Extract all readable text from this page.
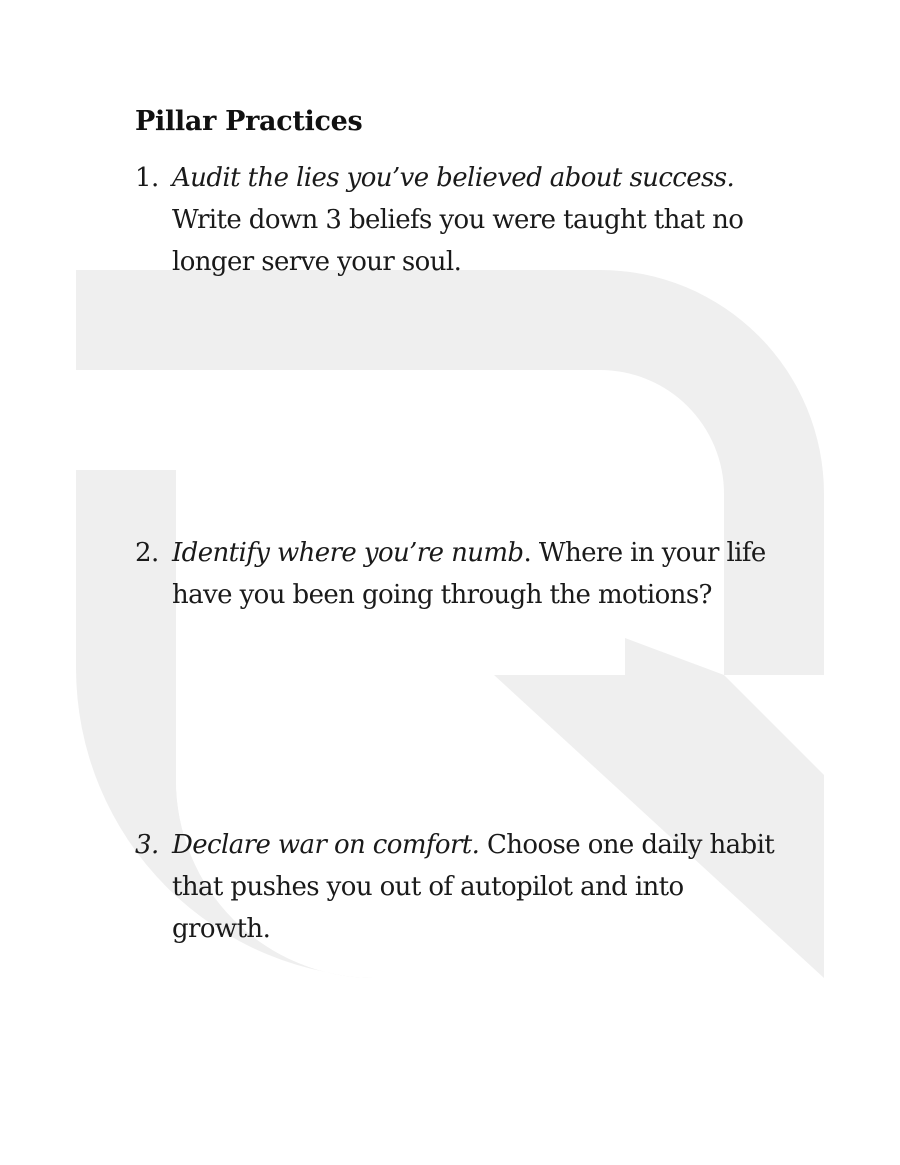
Pillar Practices
1. Audit the lies you’ve believed about success. Write down 3 beliefs you were taught that no longer serve your soul.
2. Identify where you’re numb. Where in your life have you been going through the motions?
3. Declare war on comfort. Choose one daily habit that pushes you out of autopilot and into growth.
